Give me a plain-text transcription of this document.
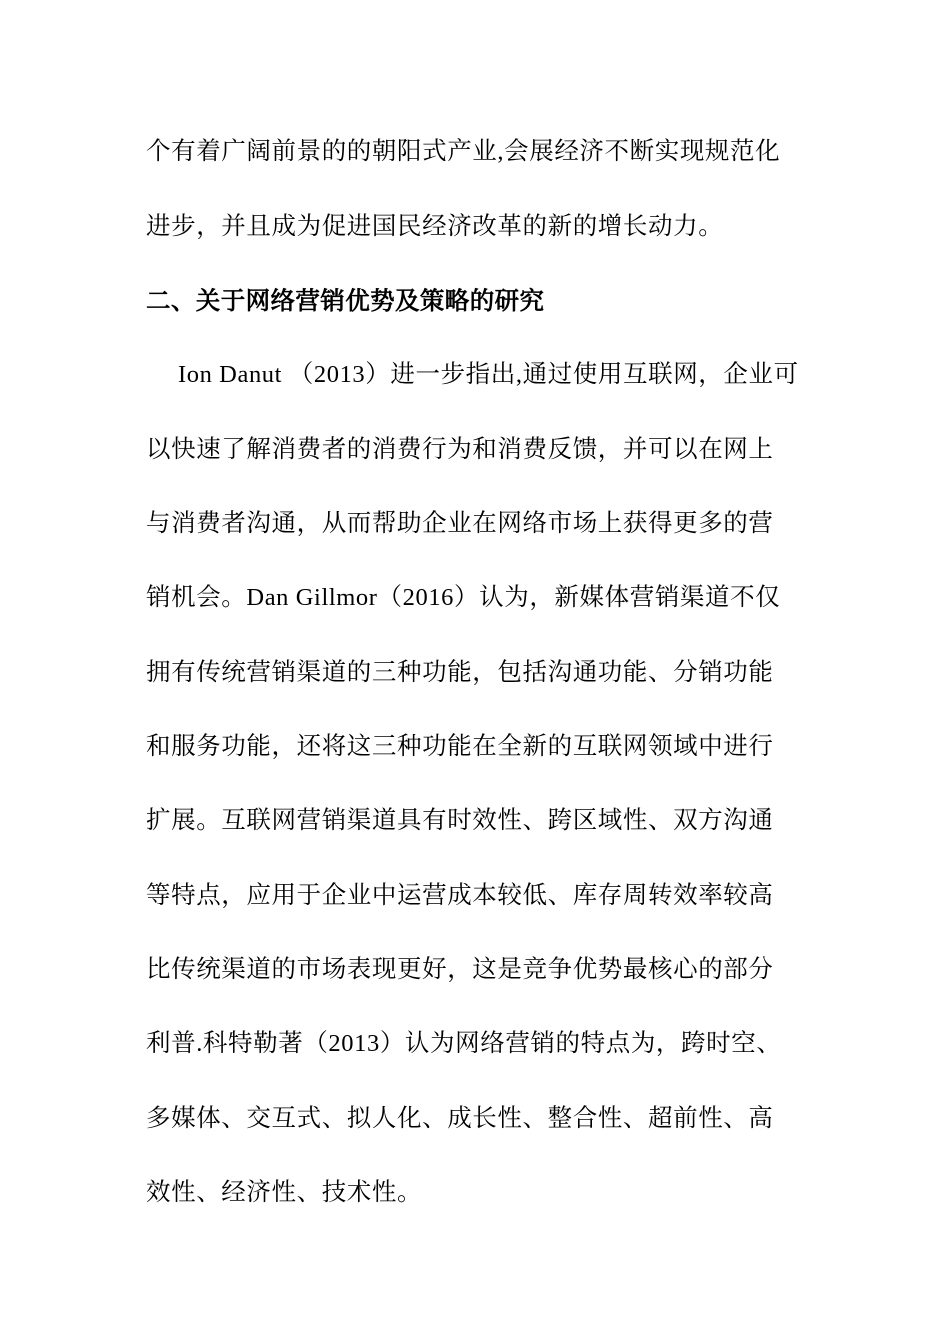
个有着广阔前景的的朝阳式产业,会展经济不断实现规范化
进步，并且成为促进国民经济改革的新的增长动力。
二、关于网络营销优势及策略的研究
Ion Danut （2013）进一步指出,通过使用互联网，企业可
以快速了解消费者的消费行为和消费反馈，并可以在网上
与消费者沟通，从而帮助企业在网络市场上获得更多的营
销机会。Dan Gillmor（2016）认为，新媒体营销渠道不仅
拥有传统营销渠道的三种功能，包括沟通功能、分销功能
和服务功能，还将这三种功能在全新的互联网领域中进行
扩展。互联网营销渠道具有时效性、跨区域性、双方沟通
等特点，应用于企业中运营成本较低、库存周转效率较高
比传统渠道的市场表现更好，这是竞争优势最核心的部分
利普.科特勒著（2013）认为网络营销的特点为，跨时空、
多媒体、交互式、拟人化、成长性、整合性、超前性、高
效性、经济性、技术性。
